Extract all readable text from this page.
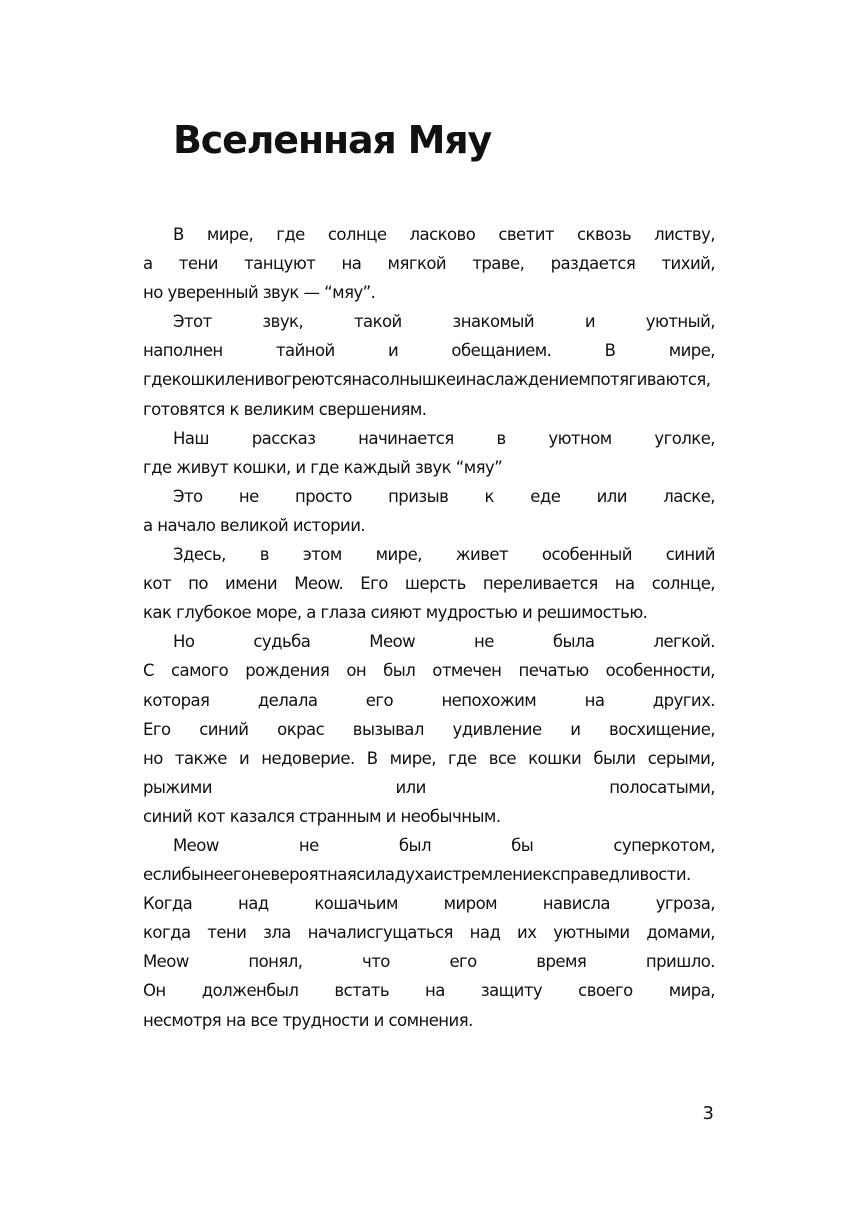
Вселенная Мяу
В мире, где солнце ласково светит сквозь листву,
а тени танцуют на мягкой траве, раздается тихий,
но уверенный звук — “мяу”.
Этот звук, такой знакомый и уютный,
наполнен тайной и обещанием. В мире,
гдекошкиленивогреютсянасолнышкеинаслаждениемпотягиваются,
готовятся к великим свершениям.
Наш рассказ начинается в уютном уголке,
где живут кошки, и где каждый звук “мяу”
Это не просто призыв к еде или ласке,
а начало великой истории.
Здесь, в этом мире, живет особенный синий
кот по имени Meow. Его шерсть переливается на солнце,
как глубокое море, а глаза сияют мудростью и решимостью.
Но судьба Meow не была легкой.
С самого рождения он был отмечен печатью особенности,
которая делала его непохожим на других.
Его синий окрас вызывал удивление и восхищение,
но также и недоверие. В мире, где все кошки были серыми,
рыжими или полосатыми,
синий кот казался странным и необычным.
Meow не был бы суперкотом,
еслибынеегоневероятнаясиладухаистремлениексправедливости.
Когда над кошачьим миром нависла угроза,
когда тени зла началисгущаться над их уютными домами,
Meow понял, что его время пришло.
Он долженбыл встать на защиту своего мира,
несмотря на все трудности и сомнения.
3
